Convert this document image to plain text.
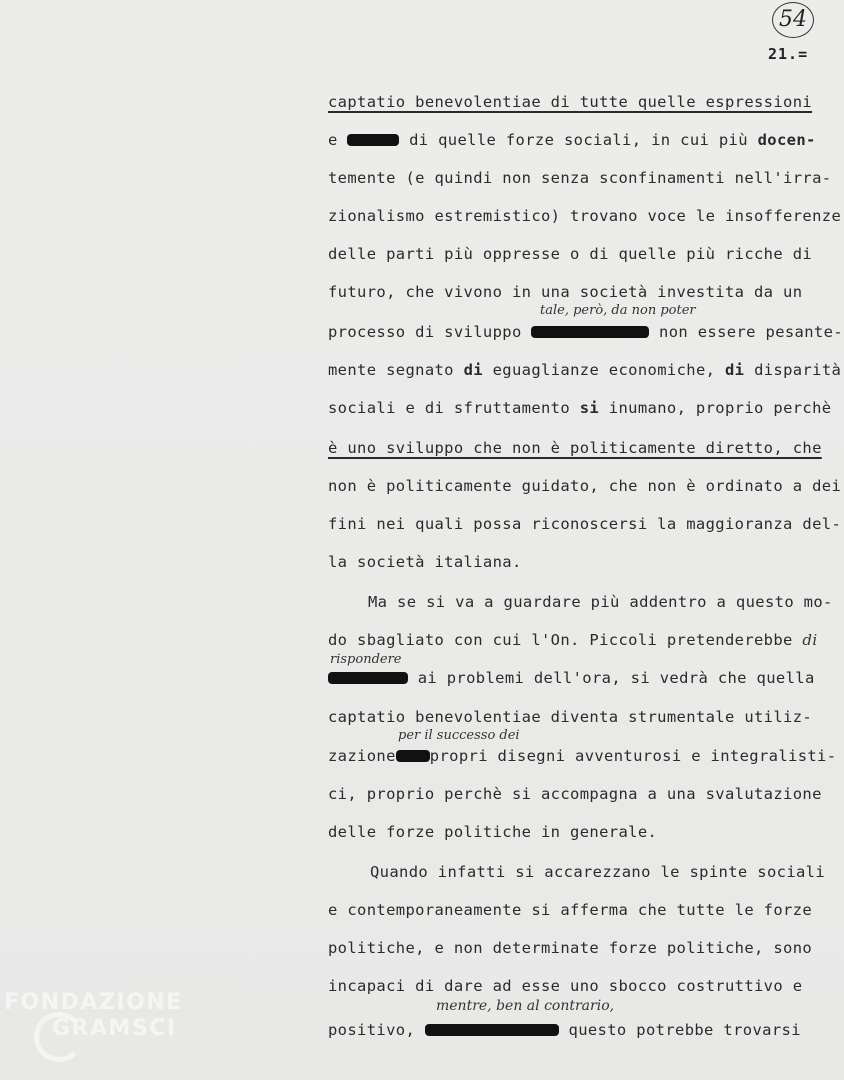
54
21.=
captatio benevolentiae di tutte quelle espressioni
e	di quelle forze sociali, in cui più docen-
temente (e quindi non senza sconfinamenti nell'irra-
zionalismo estremistico) trovano voce le insofferenze
delle parti più oppresse o di quelle più ricche di
futuro, che vivono in una società investita da un
tale, però, da non poter
processo di sviluppo	non essere pesante-
mente segnato di eguaglianze economiche, di disparità
sociali e di sfruttamento si inumano, proprio perchè
è uno sviluppo che non è politicamente diretto, che
non è politicamente guidato, che non è ordinato a dei
fini nei quali possa riconoscersi la maggioranza del-
la società italiana.
Ma se si va a guardare più addentro a questo mo-
do sbagliato con cui l'On. Piccoli pretenderebbe di
rispondere
ai problemi dell'ora, si vedrà che quella
captatio benevolentiae diventa strumentale utiliz-
per il successo dei
zazione propri disegni avventurosi e integralisti-
ci, proprio perchè si accompagna a una svalutazione
delle forze politiche in generale.
Quando infatti si accarezzano le spinte sociali
e contemporaneamente si afferma che tutte le forze
politiche, e non determinate forze politiche, sono
incapaci di dare ad esse uno sbocco costruttivo e
mentre, ben al contrario,
positivo,	questo potrebbe trovarsi
FONDAZIONE
GRAMSCI
